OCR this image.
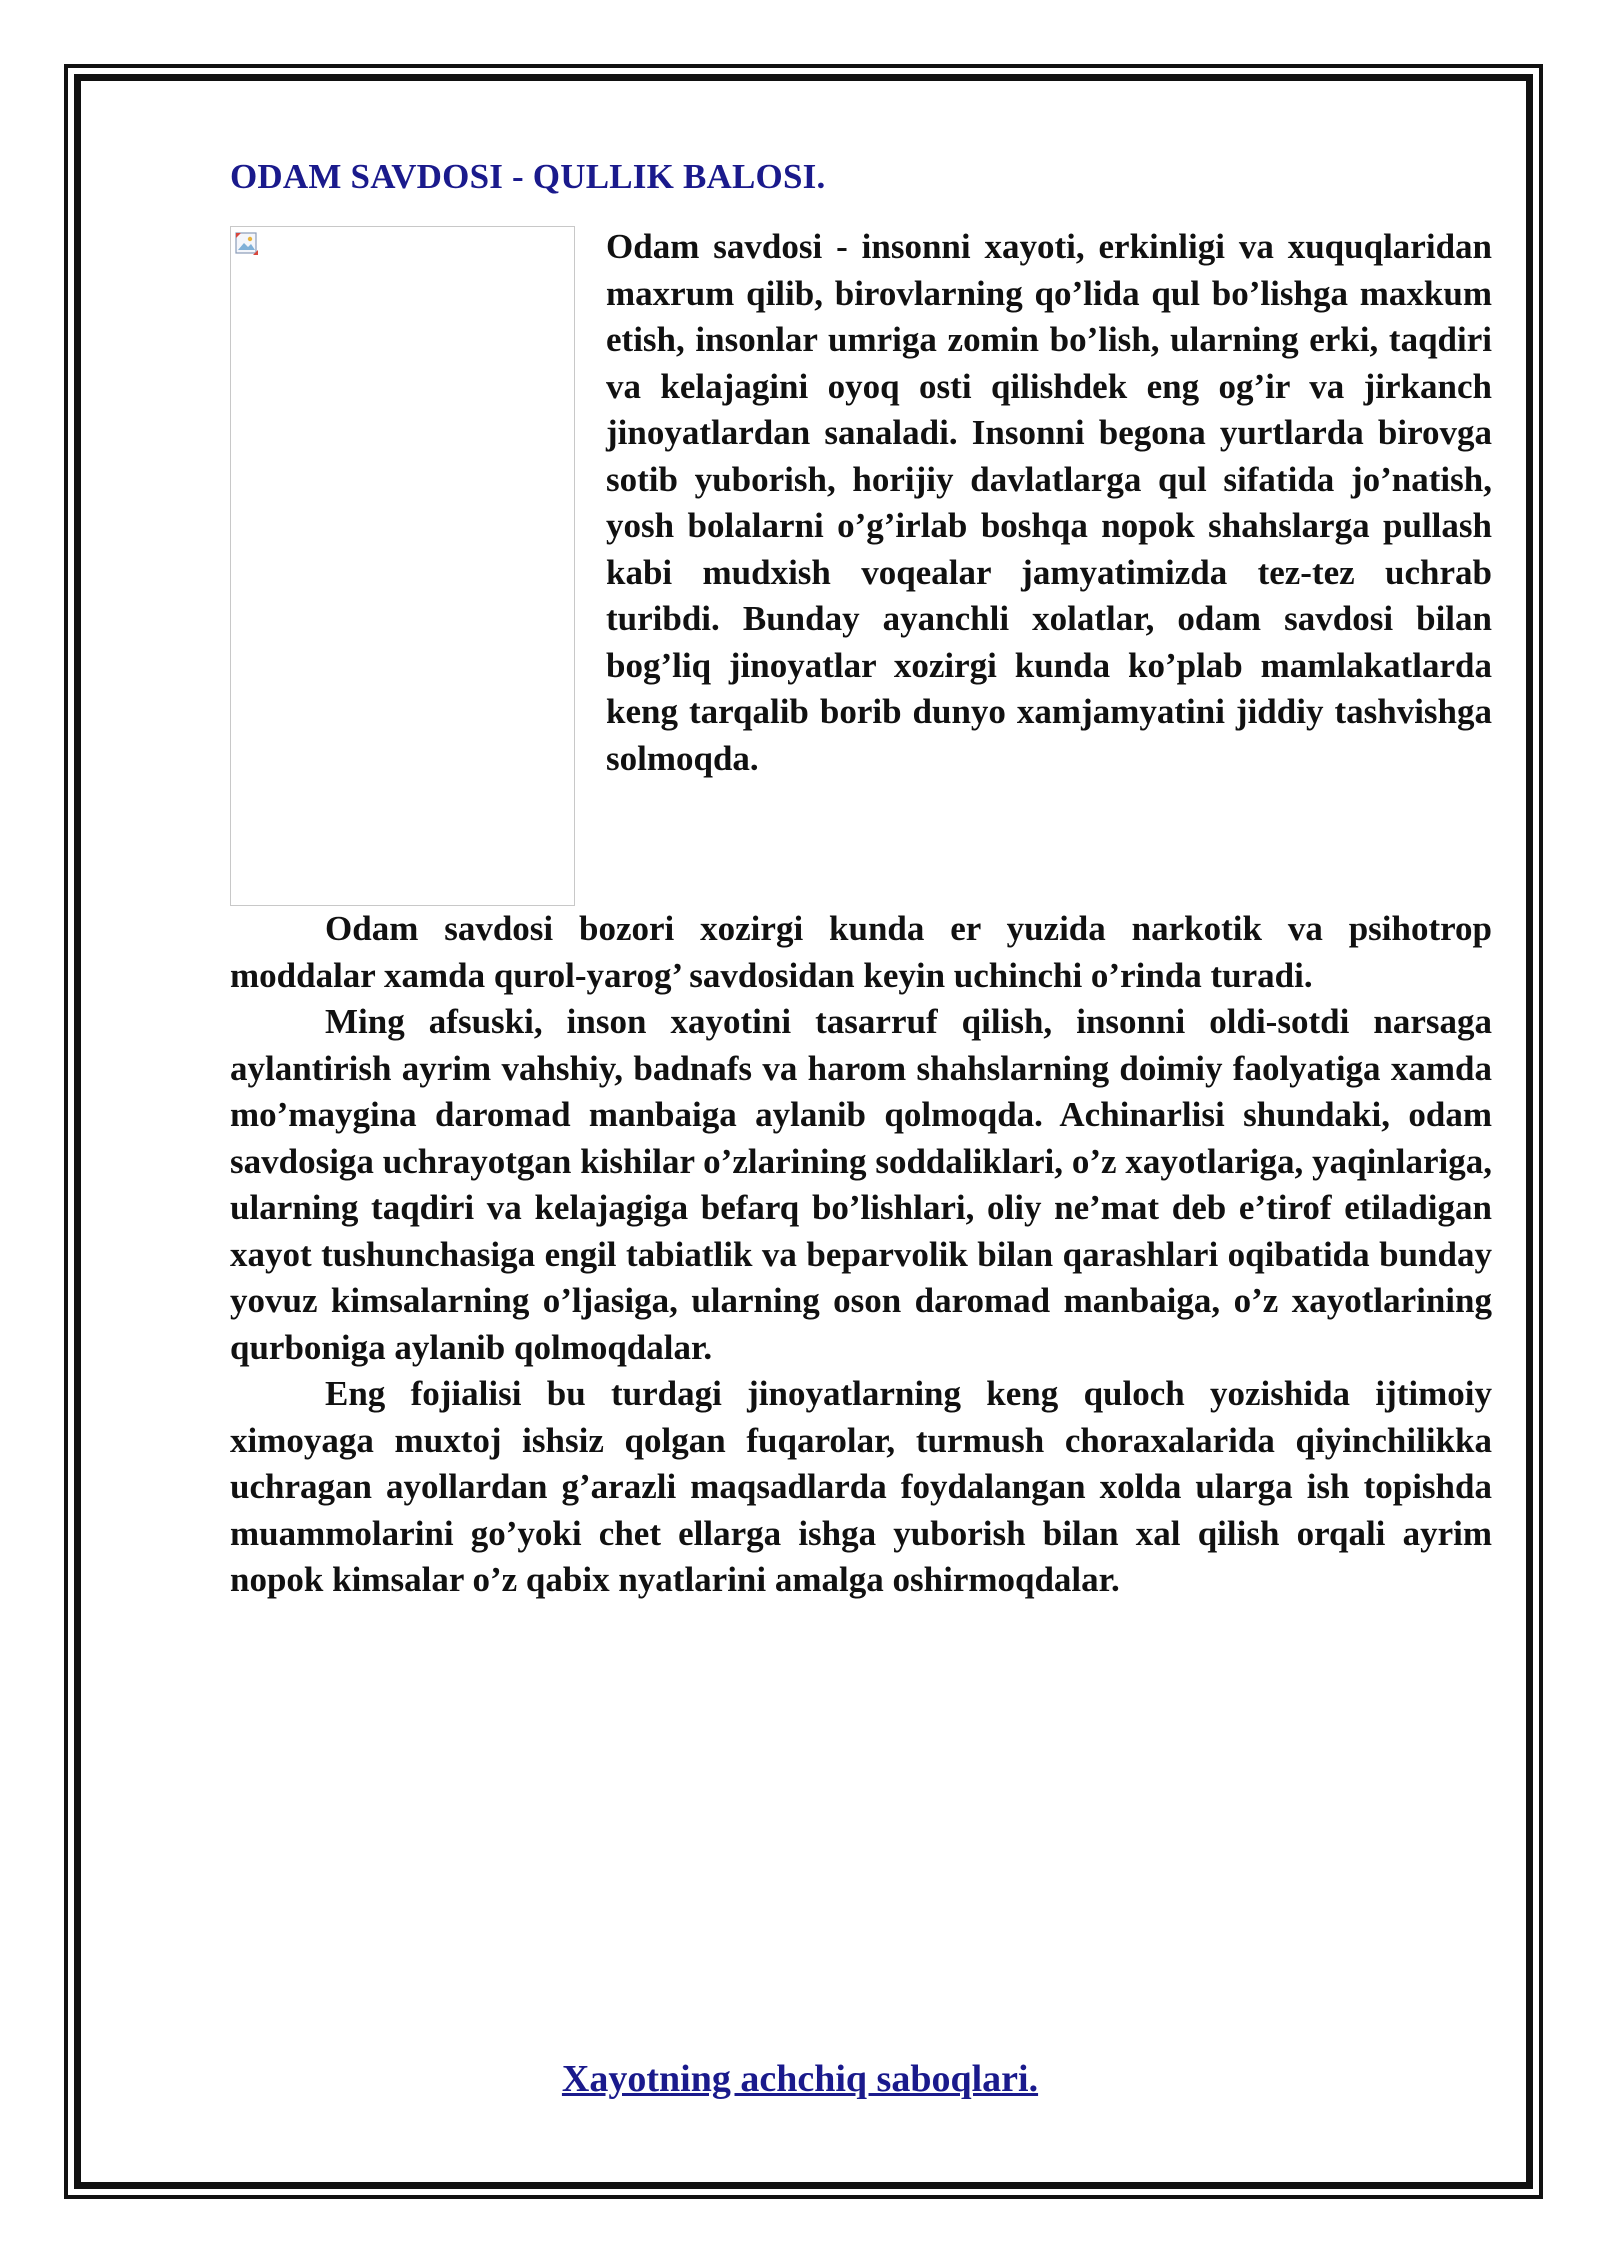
ODAM SAVDOSI - QULLIK BALOSI.

Odam savdosi - insonni xayoti, erkinligi va xuquqlaridan maxrum qilib, birovlarning qo’lida qul bo’lishga maxkum etish, insonlar umriga zomin bo’lish, ularning erki, taqdiri va kelajagini oyoq osti qilishdek eng og’ir va jirkanch jinoyatlardan sanaladi. Insonni begona yurtlarda birovga sotib yuborish, horijiy davlatlarga qul sifatida jo’natish, yosh bolalarni o’g’irlab boshqa nopok shahslarga pullash kabi mudxish voqealar jamyatimizda tez-tez uchrab turibdi. Bunday ayanchli xolatlar, odam savdosi bilan bog’liq jinoyatlar xozirgi kunda ko’plab mamlakatlarda keng tarqalib borib dunyo xamjamyatini jiddiy tashvishga solmoqda.

Odam savdosi bozori xozirgi kunda er yuzida narkotik va psihotrop moddalar xamda qurol-yarog’ savdosidan keyin uchinchi o’rinda turadi.

Ming afsuski, inson xayotini tasarruf qilish, insonni oldi-sotdi narsaga aylantirish ayrim vahshiy, badnafs va harom shahslarning doimiy faolyatiga xamda mo’maygina daromad manbaiga aylanib qolmoqda. Achinarlisi shundaki, odam savdosiga uchrayotgan kishilar o’zlarining soddaliklari, o’z xayotlariga, yaqinlariga, ularning taqdiri va kelajagiga befarq bo’lishlari, oliy ne’mat deb e’tirof etiladigan xayot tushunchasiga engil tabiatlik va beparvolik bilan qarashlari oqibatida bunday yovuz kimsalarning o’ljasiga, ularning oson daromad manbaiga, o’z xayotlarining qurboniga aylanib qolmoqdalar.

Eng fojialisi bu turdagi jinoyatlarning keng quloch yozishida ijtimoiy ximoyaga muxtoj ishsiz qolgan fuqarolar, turmush choraxalarida qiyinchilikka uchragan ayollardan g’arazli maqsadlarda foydalangan xolda ularga ish topishda muammolarini go’yoki chet ellarga ishga yuborish bilan xal qilish orqali ayrim nopok kimsalar o’z qabix nyatlarini amalga oshirmoqdalar.

Xayotning achchiq saboqlari.
